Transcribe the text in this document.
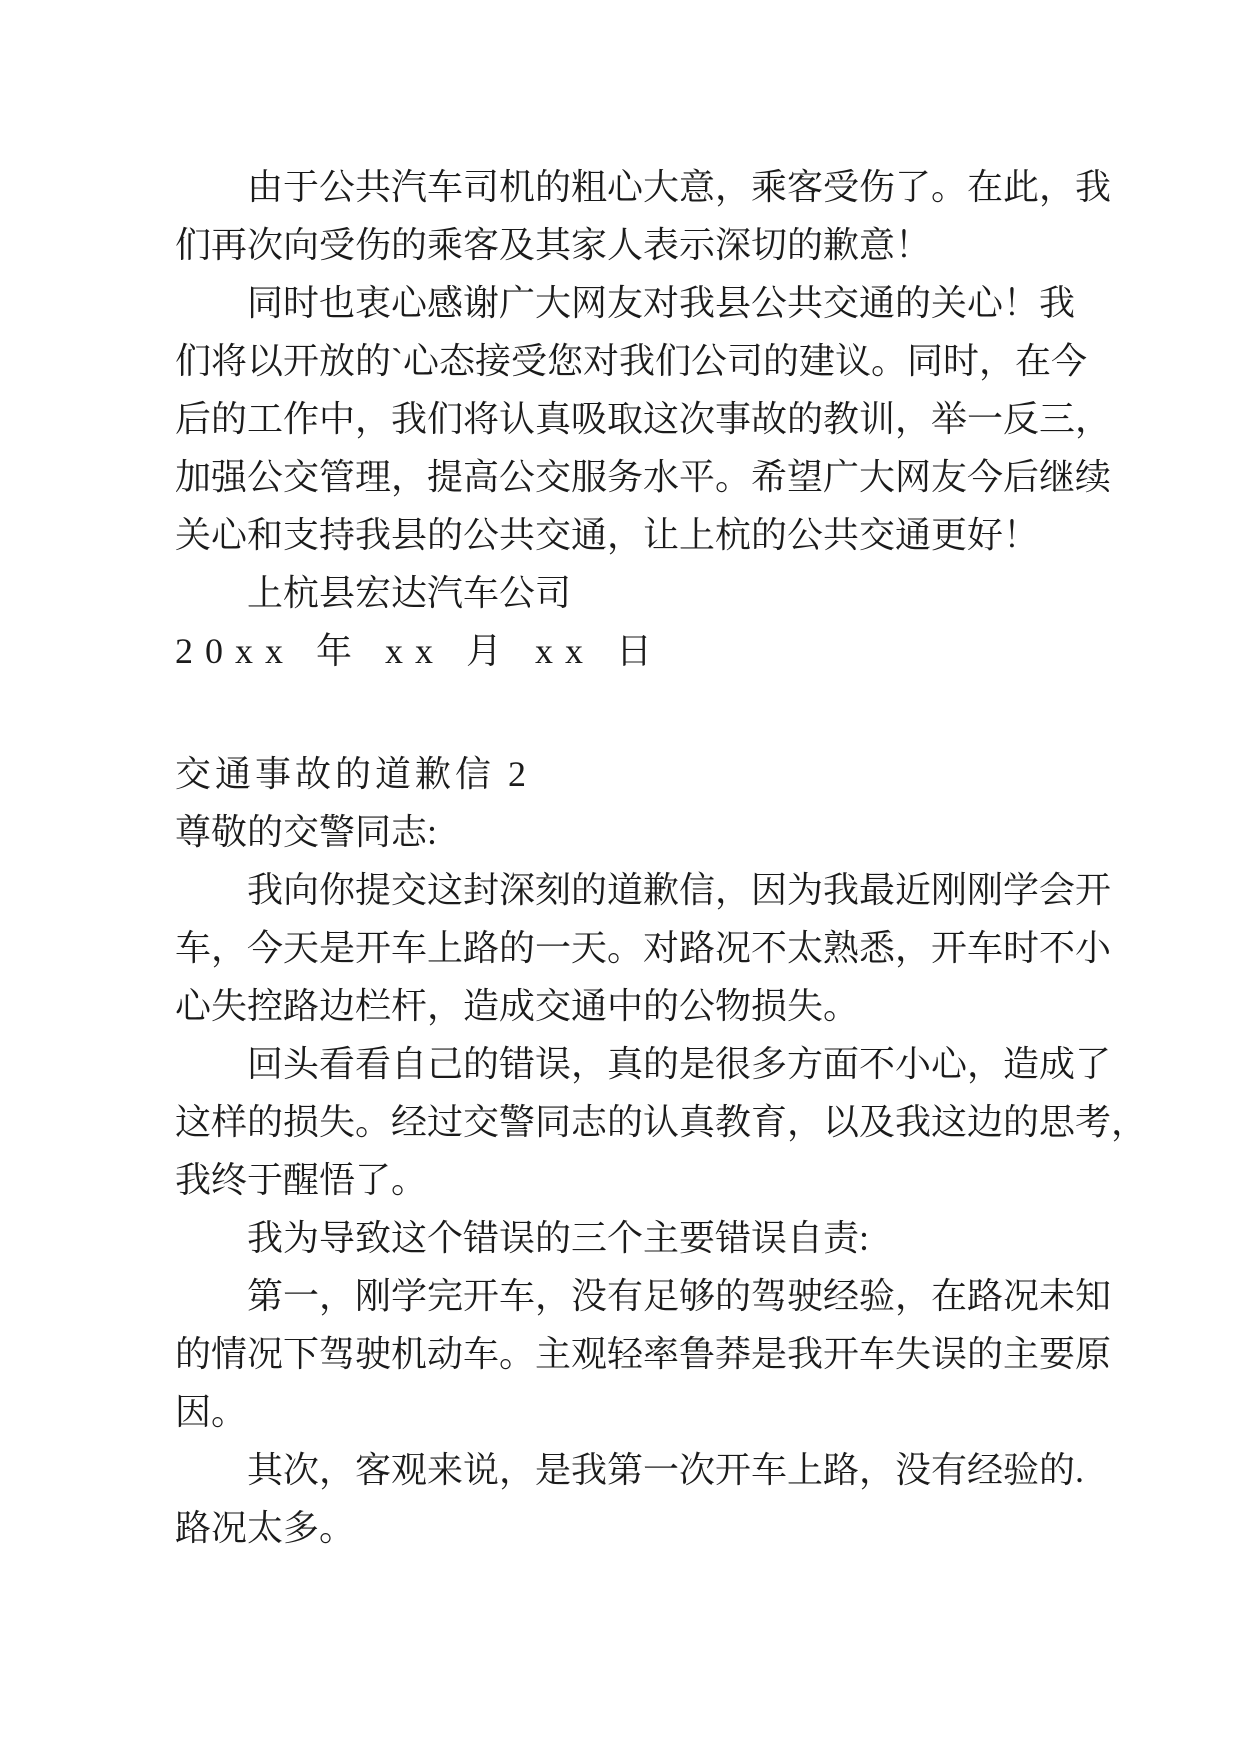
由于公共汽车司机的粗心大意，乘客受伤了。在此，我
们再次向受伤的乘客及其家人表示深切的歉意！
同时也衷心感谢广大网友对我县公共交通的关心！我
们将以开放的`心态接受您对我们公司的建议。同时，在今
后的工作中，我们将认真吸取这次事故的教训，举一反三，
加强公交管理，提高公交服务水平。希望广大网友今后继续
关心和支持我县的公共交通，让上杭的公共交通更好！
上杭县宏达汽车公司
20xx 年 xx 月 xx 日
交通事故的道歉信 2
尊敬的交警同志:
我向你提交这封深刻的道歉信，因为我最近刚刚学会开
车，今天是开车上路的一天。对路况不太熟悉，开车时不小
心失控路边栏杆，造成交通中的公物损失。
回头看看自己的错误，真的是很多方面不小心，造成了
这样的损失。经过交警同志的认真教育，以及我这边的思考，
我终于醒悟了。
我为导致这个错误的三个主要错误自责:
第一，刚学完开车，没有足够的驾驶经验，在路况未知
的情况下驾驶机动车。主观轻率鲁莽是我开车失误的主要原
因。
其次，客观来说，是我第一次开车上路，没有经验的.
路况太多。
